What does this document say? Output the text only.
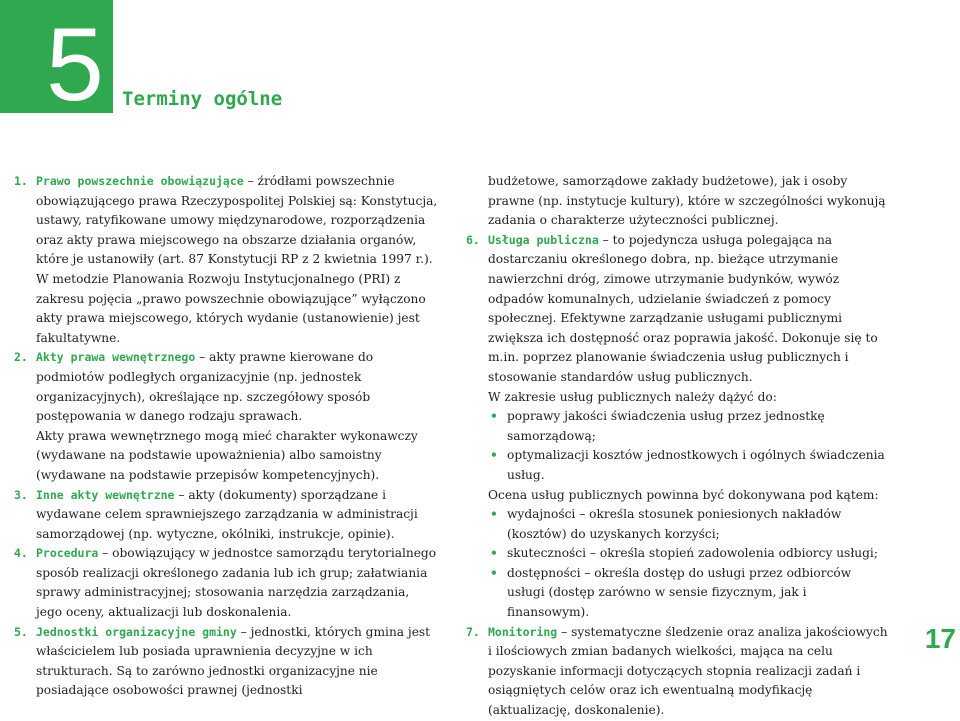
5 Terminy ogólne

1. Prawo powszechnie obowiązujące – źródłami powszechnie obowiązującego prawa Rzeczypospolitej Polskiej są: Konstytucja, ustawy, ratyfikowane umowy międzynarodowe, rozporządzenia oraz akty prawa miejscowego na obszarze działania organów, które je ustanowiły (art. 87 Konstytucji RP z 2 kwietnia 1997 r.). W metodzie Planowania Rozwoju Instytucjonalnego (PRI) z zakresu pojęcia „prawo powszechnie obowiązujące” wyłączono akty prawa miejscowego, których wydanie (ustanowienie) jest fakultatywne.

2. Akty prawa wewnętrznego – akty prawne kierowane do podmiotów podległych organizacyjnie (np. jednostek organizacyjnych), określające np. szczegółowy sposób postępowania w danego rodzaju sprawach.

Akty prawa wewnętrznego mogą mieć charakter wykonawczy (wydawane na podstawie upoważnienia) albo samoistny (wydawane na podstawie przepisów kompetencyjnych).

3. Inne akty wewnętrzne – akty (dokumenty) sporządzane i wydawane celem sprawniejszego zarządzania w administracji samorządowej (np. wytyczne, okólniki, instrukcje, opinie).

4. Procedura – obowiązujący w jednostce samorządu terytorialnego sposób realizacji określonego zadania lub ich grup; załatwiania sprawy administracyjnej; stosowania narzędzia zarządzania, jego oceny, aktualizacji lub doskonalenia.

5. Jednostki organizacyjne gminy – jednostki, których gmina jest właścicielem lub posiada uprawnienia decyzyjne w ich strukturach. Są to zarówno jednostki organizacyjne nie posiadające osobowości prawnej (jednostki

budżetowe, samorządowe zakłady budżetowe), jak i osoby prawne (np. instytucje kultury), które w szczególności wykonują zadania o charakterze użyteczności publicznej.

6. Usługa publiczna – to pojedyncza usługa polegająca na dostarczaniu określonego dobra, np. bieżące utrzymanie nawierzchni dróg, zimowe utrzymanie budynków, wywóz odpadów komunalnych, udzielanie świadczeń z pomocy społecznej. Efektywne zarządzanie usługami publicznymi zwiększa ich dostępność oraz poprawia jakość. Dokonuje się to m.in. poprzez planowanie świadczenia usług publicznych i stosowanie standardów usług publicznych.

W zakresie usług publicznych należy dążyć do:

• poprawy jakości świadczenia usług przez jednostkę samorządową;
• optymalizacji kosztów jednostkowych i ogólnych świadczenia usług.

Ocena usług publicznych powinna być dokonywana pod kątem:

• wydajności – określa stosunek poniesionych nakładów (kosztów) do uzyskanych korzyści;
• skuteczności – określa stopień zadowolenia odbiorcy usługi;
• dostępności – określa dostęp do usługi przez odbiorców usługi (dostęp zarówno w sensie fizycznym, jak i finansowym).

7. Monitoring – systematyczne śledzenie oraz analiza jakościowych i ilościowych zmian badanych wielkości, mająca na celu pozyskanie informacji dotyczących stopnia realizacji zadań i osiągniętych celów oraz ich ewentualną modyfikację (aktualizację, doskonalenie).

17
